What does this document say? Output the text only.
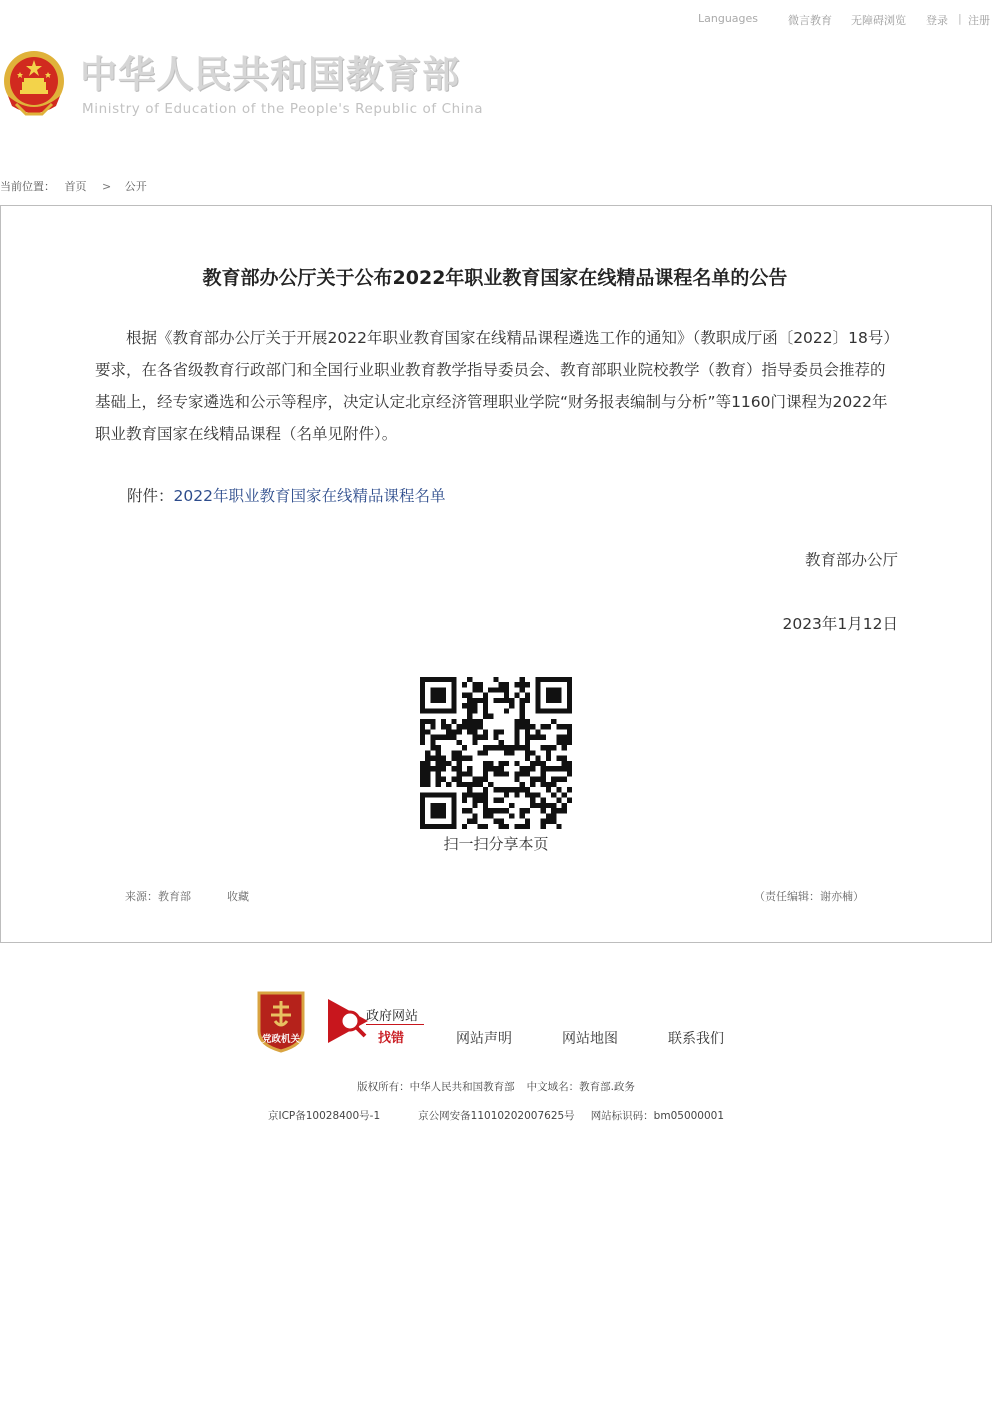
Languages	微言教育 无障碍浏览 登录 | 注册
中华人民共和国教育部
Ministry of Education of the People's Republic of China
当前位置： 首页 > 公开
教育部办公厅关于公布2022年职业教育国家在线精品课程名单的公告
根据《教育部办公厅关于开展2022年职业教育国家在线精品课程遴选工作的通知》（教职成厅函〔2022〕18号）要求，在各省级教育行政部门和全国行业职业教育教学指导委员会、教育部职业院校教学（教育）指导委员会推荐的基础上，经专家遴选和公示等程序，决定认定北京经济管理职业学院“财务报表编制与分析”等1160门课程为2022年职业教育国家在线精品课程（名单见附件）。
附件：2022年职业教育国家在线精品课程名单
教育部办公厅
2023年1月12日
扫一扫分享本页
来源：教育部	收藏	（责任编辑：谢亦楠）
党政机关
政府网站
找错	网站声明	网站地图	联系我们
版权所有：中华人民共和国教育部 中文域名：教育部.政务
京ICP备10028400号-1	京公网安备11010202007625号 网站标识码：bm05000001
